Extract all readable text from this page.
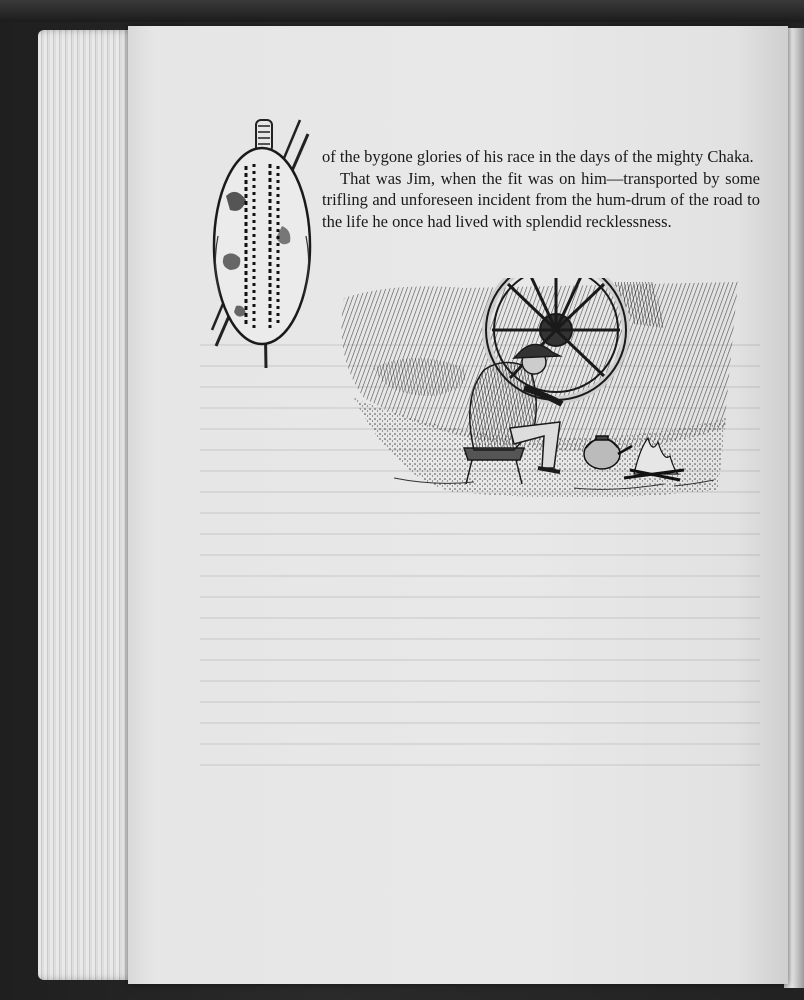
of the bygone glories of his race in the days of the mighty Chaka.

That was Jim, when the fit was on him—transported by some trifling and unforeseen incident from the hum-drum of the road to the life he once had lived with splendid recklessness.
